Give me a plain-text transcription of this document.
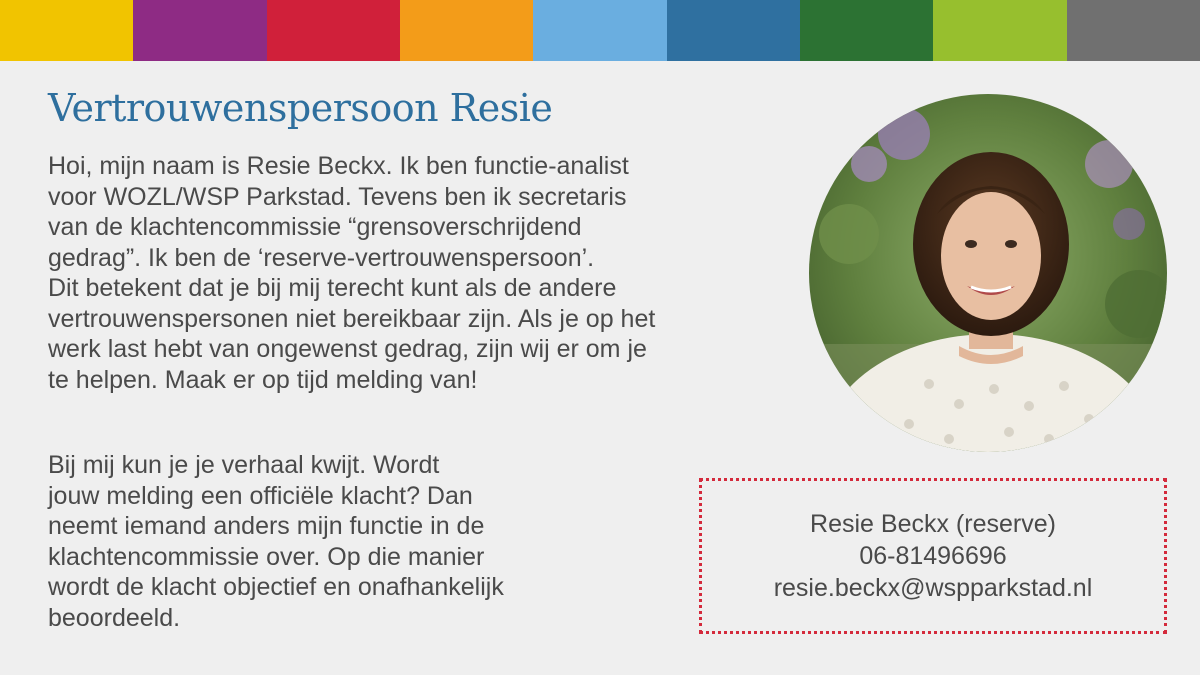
Vertrouwenspersoon Resie

Hoi, mijn naam is Resie Beckx. Ik ben functie-analist
voor WOZL/WSP Parkstad. Tevens ben ik secretaris
van de klachtencommissie “grensoverschrijdend
gedrag”. Ik ben de ‘reserve-vertrouwenspersoon’.
Dit betekent dat je bij mij terecht kunt als de andere
vertrouwenspersonen niet bereikbaar zijn. Als je op het
werk last hebt van ongewenst gedrag, zijn wij er om je
te helpen. Maak er op tijd melding van!

Bij mij kun je je verhaal kwijt. Wordt
jouw melding een officiële klacht? Dan
neemt iemand anders mijn functie in de
klachtencommissie over. Op die manier
wordt de klacht objectief en onafhankelijk
beoordeeld.

Resie Beckx (reserve)
06-81496696
resie.beckx@wspparkstad.nl
